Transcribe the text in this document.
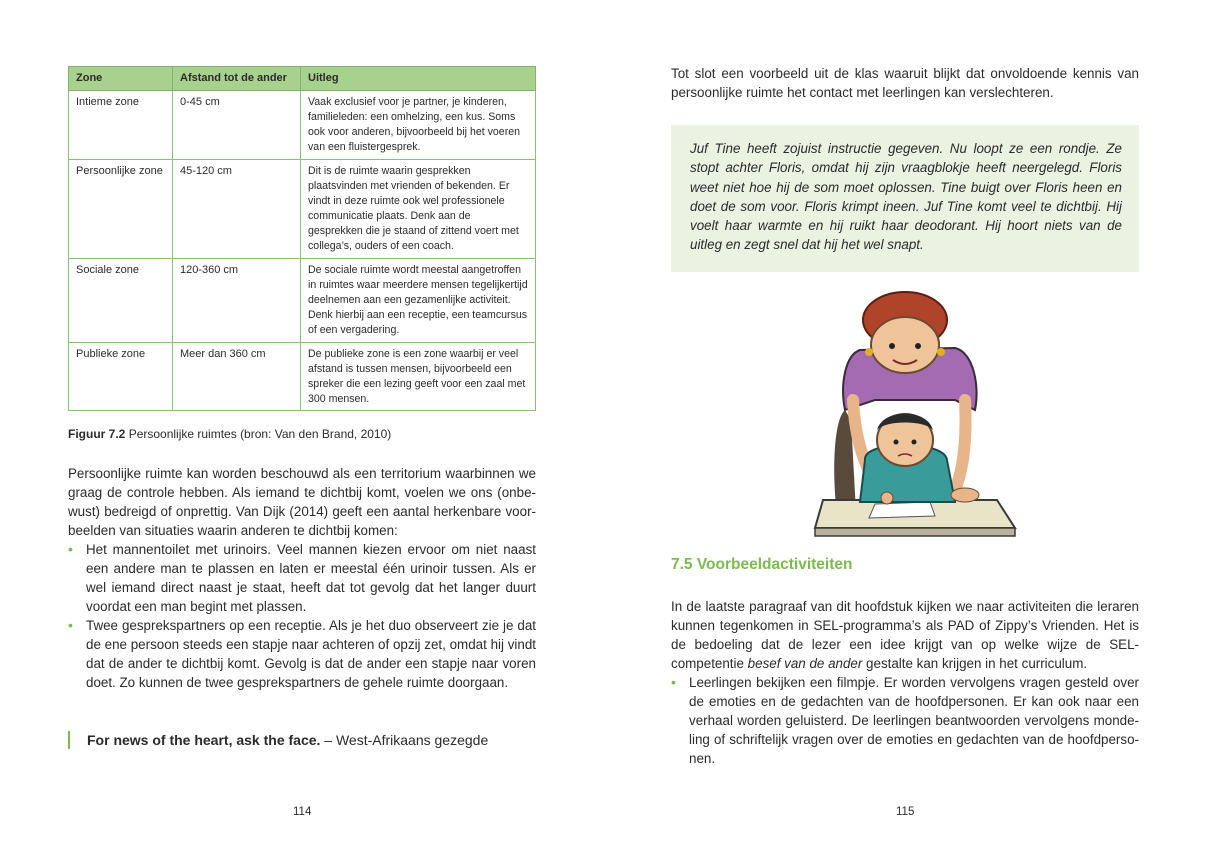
Zone	Afstand tot de ander	Uitleg
Intieme zone	0-45 cm	Vaak exclusief voor je partner, je kinderen, familieleden: een omhelzing, een kus. Soms ook voor anderen, bijvoorbeeld bij het voeren van een fluistergesprek.
Persoonlijke zone	45-120 cm	Dit is de ruimte waarin gesprekken plaatsvinden met vrienden of bekenden. Er vindt in deze ruimte ook wel professionele communicatie plaats. Denk aan de gesprekken die je staand of zittend voert met collega’s, ouders of een coach.
Sociale zone	120-360 cm	De sociale ruimte wordt meestal aangetroffen in ruimtes waar meerdere mensen tegelijkertijd deelnemen aan een gezamenlijke activiteit. Denk hierbij aan een receptie, een teamcursus of een vergadering.
Publieke zone	Meer dan 360 cm	De publieke zone is een zone waarbij er veel afstand is tussen mensen, bijvoorbeeld een spreker die een lezing geeft voor een zaal met 300 mensen.
Figuur 7.2 Persoonlijke ruimtes (bron: Van den Brand, 2010)
Persoonlijke ruimte kan worden beschouwd als een territorium waarbinnen we graag de controle hebben. Als iemand te dichtbij komt, voelen we ons (onbewust) bedreigd of onprettig. Van Dijk (2014) geeft een aantal herkenbare voorbeelden van situaties waarin anderen te dichtbij komen:
• Het mannentoilet met urinoirs. Veel mannen kiezen ervoor om niet naast een andere man te plassen en laten er meestal één urinoir tussen. Als er wel iemand direct naast je staat, heeft dat tot gevolg dat het langer duurt voordat een man begint met plassen.
• Twee gesprekspartners op een receptie. Als je het duo observeert zie je dat de ene persoon steeds een stapje naar achteren of opzij zet, omdat hij vindt dat de ander te dichtbij komt. Gevolg is dat de ander een stapje naar voren doet. Zo kunnen de twee gesprekspartners de gehele ruimte doorgaan.
For news of the heart, ask the face. – West-Afrikaans gezegde
114
Tot slot een voorbeeld uit de klas waaruit blijkt dat onvoldoende kennis van persoonlijke ruimte het contact met leerlingen kan verslechteren.
Juf Tine heeft zojuist instructie gegeven. Nu loopt ze een rondje. Ze stopt achter Floris, omdat hij zijn vraagblokje heeft neergelegd. Floris weet niet hoe hij de som moet oplossen. Tine buigt over Floris heen en doet de som voor. Floris krimpt ineen. Juf Tine komt veel te dichtbij. Hij voelt haar warmte en hij ruikt haar deodorant. Hij hoort niets van de uitleg en zegt snel dat hij het wel snapt.
7.5 Voorbeeldactiviteiten
In de laatste paragraaf van dit hoofdstuk kijken we naar activiteiten die leraren kunnen tegenkomen in SEL-programma’s als PAD of Zippy’s Vrienden. Het is de bedoeling dat de lezer een idee krijgt van op welke wijze de SEL-competentie besef van de ander gestalte kan krijgen in het curriculum.
• Leerlingen bekijken een filmpje. Er worden vervolgens vragen gesteld over de emoties en de gedachten van de hoofdpersonen. Er kan ook naar een verhaal worden geluisterd. De leerlingen beantwoorden vervolgens mondeling of schriftelijk vragen over de emoties en gedachten van de hoofdpersonen.
115
